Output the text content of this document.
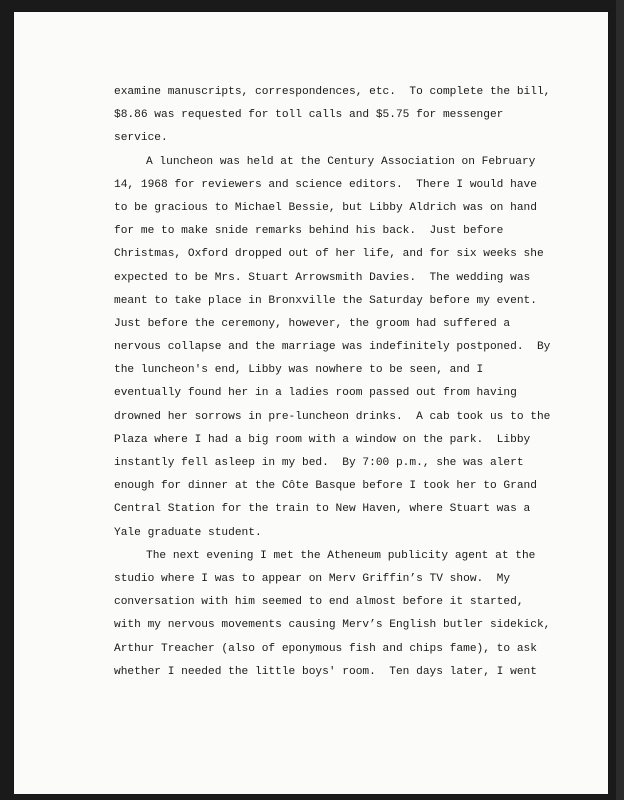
examine manuscripts, correspondences, etc.  To complete the bill,
$8.86 was requested for toll calls and $5.75 for messenger
service.
A luncheon was held at the Century Association on February
14, 1968 for reviewers and science editors.  There I would have
to be gracious to Michael Bessie, but Libby Aldrich was on hand
for me to make snide remarks behind his back.  Just before
Christmas, Oxford dropped out of her life, and for six weeks she
expected to be Mrs. Stuart Arrowsmith Davies.  The wedding was
meant to take place in Bronxville the Saturday before my event.
Just before the ceremony, however, the groom had suffered a
nervous collapse and the marriage was indefinitely postponed.  By
the luncheon's end, Libby was nowhere to be seen, and I
eventually found her in a ladies room passed out from having
drowned her sorrows in pre-luncheon drinks.  A cab took us to the
Plaza where I had a big room with a window on the park.  Libby
instantly fell asleep in my bed.  By 7:00 p.m., she was alert
enough for dinner at the Côte Basque before I took her to Grand
Central Station for the train to New Haven, where Stuart was a
Yale graduate student.
The next evening I met the Atheneum publicity agent at the
studio where I was to appear on Merv Griffin’s TV show.  My
conversation with him seemed to end almost before it started,
with my nervous movements causing Merv’s English butler sidekick,
Arthur Treacher (also of eponymous fish and chips fame), to ask
whether I needed the little boys' room.  Ten days later, I went
